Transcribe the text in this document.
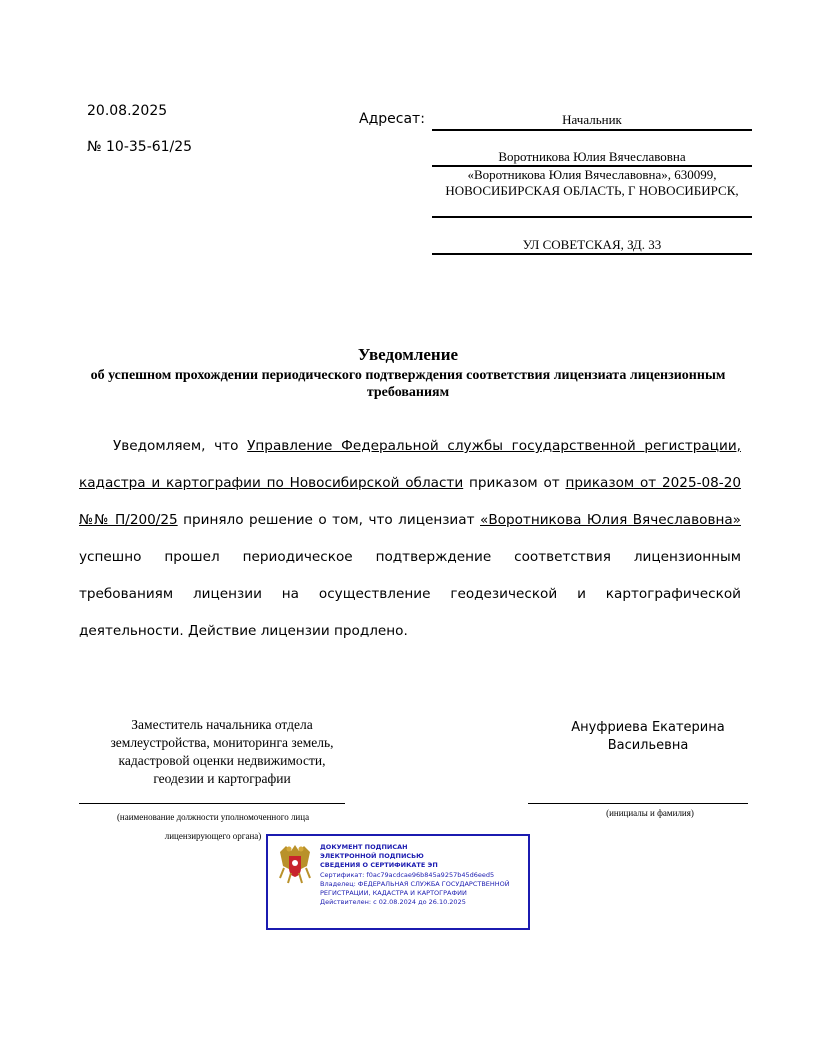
20.08.2025
№ 10-35-61/25
Адресат:	Начальник
Воротникова Юлия Вячеславовна
«Воротникова Юлия Вячеславовна», 630099, НОВОСИБИРСКАЯ ОБЛАСТЬ, Г НОВОСИБИРСК,
УЛ СОВЕТСКАЯ, ЗД. 33
Уведомление
об успешном прохождении периодического подтверждения соответствия лицензиата лицензионным требованиям
Уведомляем, что Управление Федеральной службы государственной регистрации, кадастра и картографии по Новосибирской области приказом от приказом от 2025-08-20 №№ П/200/25 приняло решение о том, что лицензиат «Воротникова Юлия Вячеславовна» успешно прошел периодическое подтверждение соответствия лицензионным требованиям лицензии на осуществление геодезической и картографической деятельности. Действие лицензии продлено.
Заместитель начальника отдела землеустройства, мониторинга земель, кадастровой оценки недвижимости, геодезии и картографии
Ануфриева Екатерина Васильевна
(наименование должности уполномоченного лица лицензирующего органа)
(инициалы и фамилия)
ДОКУМЕНТ ПОДПИСАН
ЭЛЕКТРОННОЙ ПОДПИСЬЮ
СВЕДЕНИЯ О СЕРТИФИКАТЕ ЭП
Сертификат: f0ac79acdcae96b845a9257b45d6eed5
Владелец: ФЕДЕРАЛЬНАЯ СЛУЖБА ГОСУДАРСТВЕННОЙ
РЕГИСТРАЦИИ, КАДАСТРА И КАРТОГРАФИИ
Действителен: с 02.08.2024 до 26.10.2025
